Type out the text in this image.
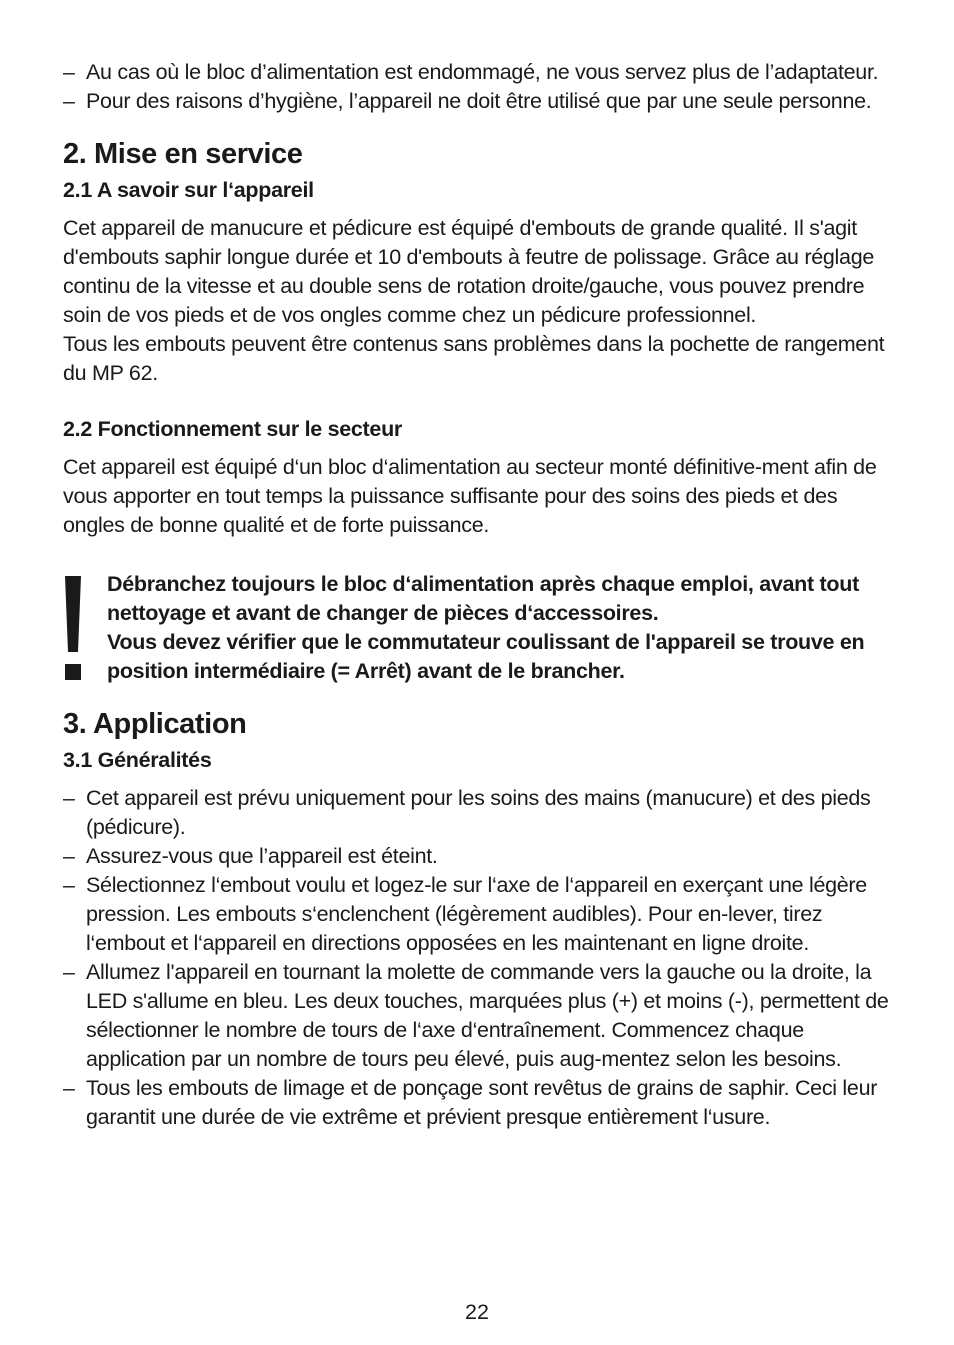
– Au cas où le bloc d’alimentation est endommagé, ne vous servez plus de l’adaptateur.
– Pour des raisons d’hygiène, l’appareil ne doit être utilisé que par une seule personne.
2. Mise en service
2.1 A savoir sur l‘appareil

Cet appareil de manucure et pédicure est équipé d'embouts de grande qualité. Il s'agit d'embouts saphir longue durée et 10 d'embouts à feutre de polissage. Grâce au réglage continu de la vitesse et au double sens de rotation droite/gauche, vous pouvez prendre soin de vos pieds et de vos ongles comme chez un pédicure professionnel.

Tous les embouts peuvent être contenus sans problèmes dans la pochette de rangement du MP 62.

2.2 Fonctionnement sur le secteur

Cet appareil est équipé d‘un bloc d‘alimentation au secteur monté définitive-ment afin de vous apporter en tout temps la puissance suffisante pour des soins des pieds et des ongles de bonne qualité et de forte puissance.

Débranchez toujours le bloc d‘alimentation après chaque emploi, avant tout nettoyage et avant de changer de pièces d‘accessoires.

Vous devez vérifier que le commutateur coulissant de l'appareil se trouve en position intermédiaire (= Arrêt) avant de le brancher.

3. Application
3.1 Généralités
– Cet appareil est prévu uniquement pour les soins des mains (manucure) et des pieds (pédicure).
– Assurez-vous que l’appareil est éteint.
– Sélectionnez l‘embout voulu et logez-le sur l‘axe de l‘appareil en exerçant une légère pression. Les embouts s‘enclenchent (légèrement audibles). Pour en-lever, tirez l‘embout et l‘appareil en directions opposées en les maintenant en ligne droite.
– Allumez l'appareil en tournant la molette de commande vers la gauche ou la droite, la LED s'allume en bleu. Les deux touches, marquées plus (+) et moins (-), permettent de sélectionner le nombre de tours de l‘axe d‘entraînement. Commencez chaque application par un nombre de tours peu élevé, puis aug-mentez selon les besoins.
– Tous les embouts de limage et de ponçage sont revêtus de grains de saphir. Ceci leur garantit une durée de vie extrême et prévient presque entièrement l‘usure.
22
